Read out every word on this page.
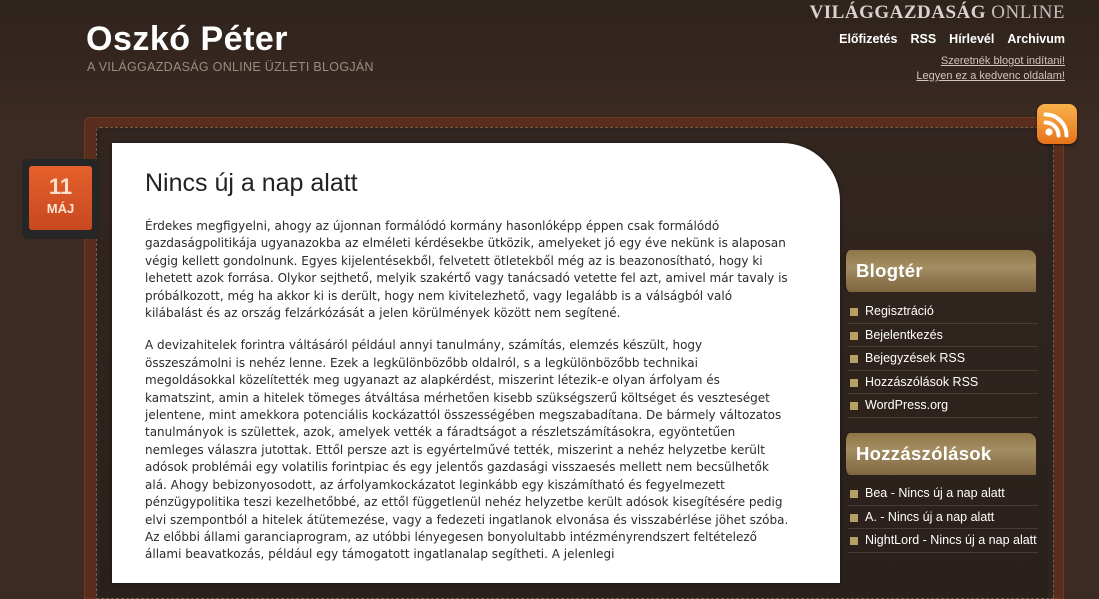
Oszkó Péter
A VILÁGGAZDASÁG ONLINE ÜZLETI BLOGJÁN
VILÁGGAZDASÁG ONLINE
Előfizetés RSS Hírlevél Archivum
Szeretnék blogot indítani!
Legyen ez a kedvenc oldalam!
11
MÁJ
Nincs új a nap alatt

Érdekes megfigyelni, ahogy az újonnan formálódó kormány hasonlóképp éppen csak formálódó gazdaságpolitikája ugyanazokba az elméleti kérdésekbe ütközik, amelyeket jó egy éve nekünk is alaposan végig kellett gondolnunk. Egyes kijelentésekből, felvetett ötletekből még az is beazonosítható, hogy ki lehetett azok forrása. Olykor sejthető, melyik szakértő vagy tanácsadó vetette fel azt, amivel már tavaly is próbálkozott, még ha akkor ki is derült, hogy nem kivitelezhető, vagy legalább is a válságból való kilábalást és az ország felzárkózását a jelen körülmények között nem segítené.

A devizahitelek forintra váltásáról például annyi tanulmány, számítás, elemzés készült, hogy összeszámolni is nehéz lenne. Ezek a legkülönbözőbb oldalról, s a legkülönbözőbb technikai megoldásokkal közelítették meg ugyanazt az alapkérdést, miszerint létezik-e olyan árfolyam és kamatszint, amin a hitelek tömeges átváltása mérhetően kisebb szükségszerű költséget és veszteséget jelentene, mint amekkora potenciális kockázattól összességében megszabadítana. De bármely változatos tanulmányok is születtek, azok, amelyek vették a fáradtságot a részletszámításokra, egyöntetűen nemleges válaszra jutottak. Ettől persze azt is egyértelművé tették, miszerint a nehéz helyzetbe került adósok problémái egy volatilis forintpiac és egy jelentős gazdasági visszaesés mellett nem becsülhetők alá. Ahogy bebizonyosodott, az árfolyamkockázatot leginkább egy kiszámítható és fegyelmezett pénzügypolitika teszi kezelhetőbbé, az ettől függetlenül nehéz helyzetbe került adósok kisegítésére pedig elvi szempontból a hitelek átütemezése, vagy a fedezeti ingatlanok elvonása és visszabérlése jöhet szóba. Az előbbi állami garanciaprogram, az utóbbi lényegesen bonyolultabb intézményrendszert feltételező állami beavatkozás, például egy támogatott ingatlanalap segítheti. A jelenlegi

Blogtér
Regisztráció
Bejelentkezés
Bejegyzések RSS
Hozzászólások RSS
WordPress.org
Hozzászólások
Bea - Nincs új a nap alatt
A. - Nincs új a nap alatt
NightLord - Nincs új a nap alatt
